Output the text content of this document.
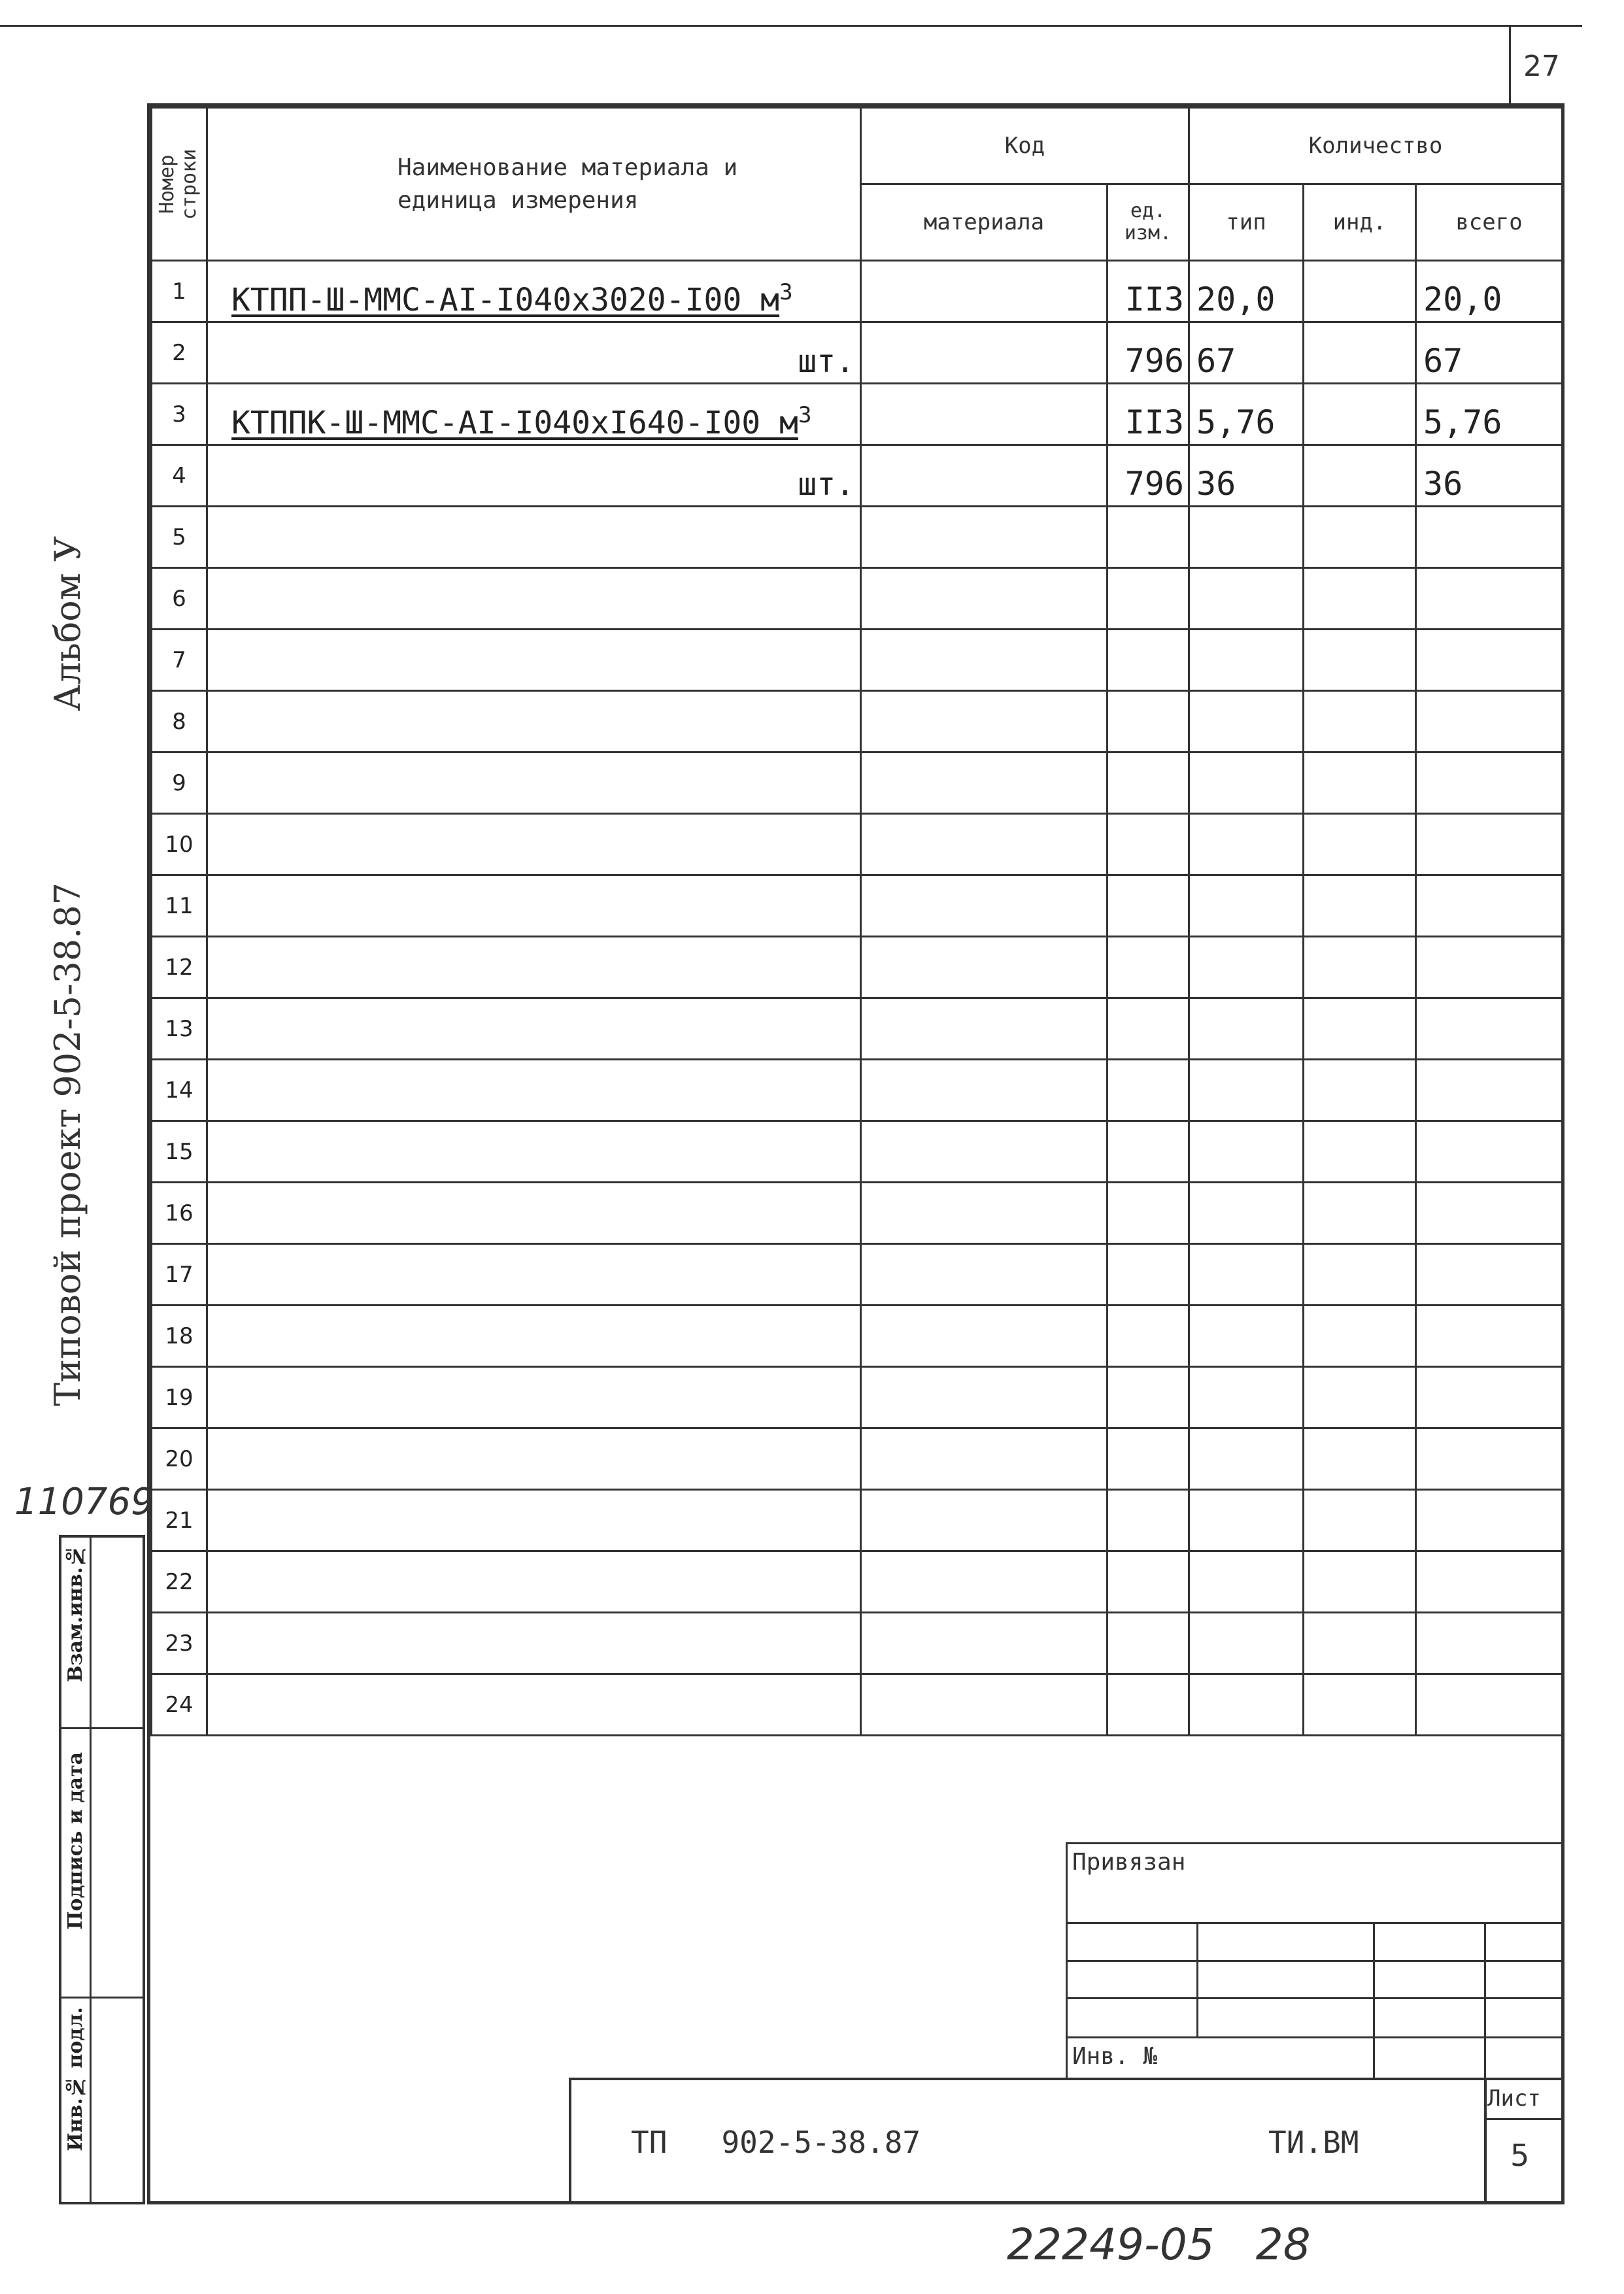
27
Номер строки	Наименование материала и единица измерения	Код		Количество		
		материала	ед. изм.	тип	инд.	всего
1	КТПП-Ш-ММС-АI-I040x3020-I00 $м^3$		II3	20,0		20,0
2	шт.		796	67		67
3	КТППК-Ш-ММС-АI-I040xI640-I00 $м^3$		II3	5,76		5,76
4	шт.		796	36		36
5						
6						
7						
8						
9						
10						
11						
12						
13						
14						
15						
16						
17						
18						
19						
20						
21						
22						
23						
24						
Альбом У
Типовой проект 902-5-38.87
110769
Взам.инв.№
Подпись и дата
Инв.№ подл.
Привязан
Инв. №
ТП   902-5-38.87	ТИ.ВМ
Лист
5
22249-05   28
